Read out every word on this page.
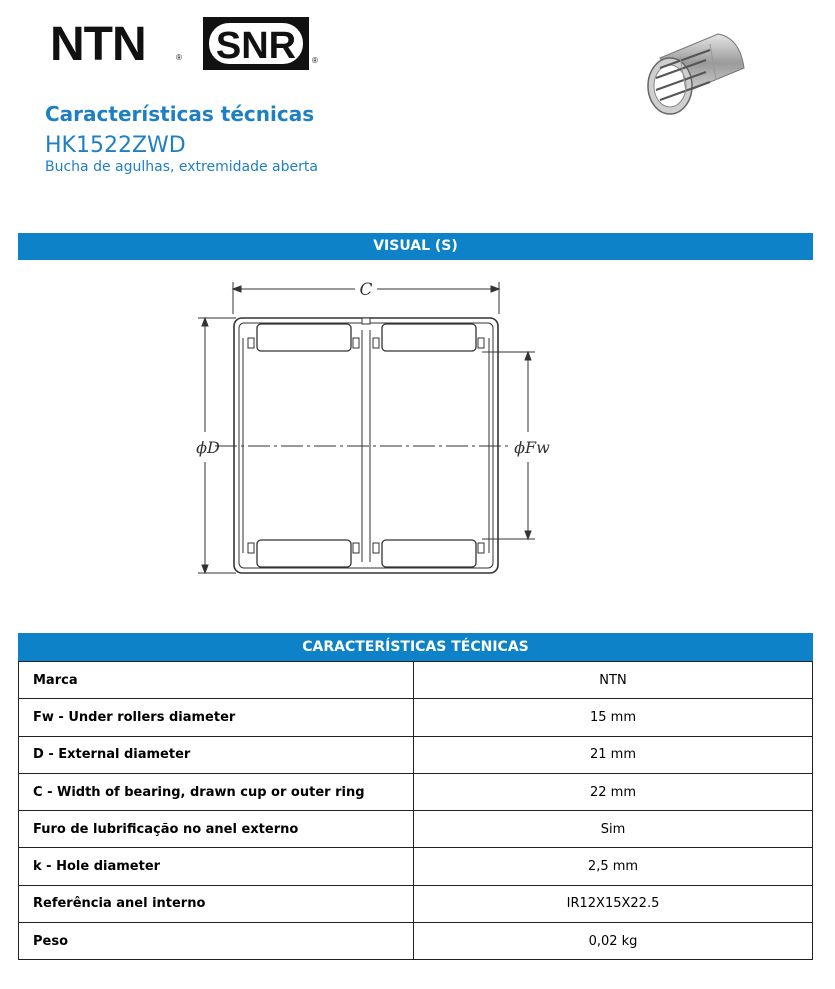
NTN	® SNR ®
Características técnicas
HK1522ZWD
Bucha de agulhas, extremidade aberta
VISUAL (S)
C
ϕD	ϕFw
CARACTERÍSTICAS TÉCNICAS
Marca	NTN
Fw - Under rollers diameter	15 mm
D - External diameter	21 mm
C - Width of bearing, drawn cup or outer ring	22 mm
Furo de lubrificação no anel externo	Sim
k - Hole diameter	2,5 mm
Referência anel interno	IR12X15X22.5
Peso	0,02 kg
